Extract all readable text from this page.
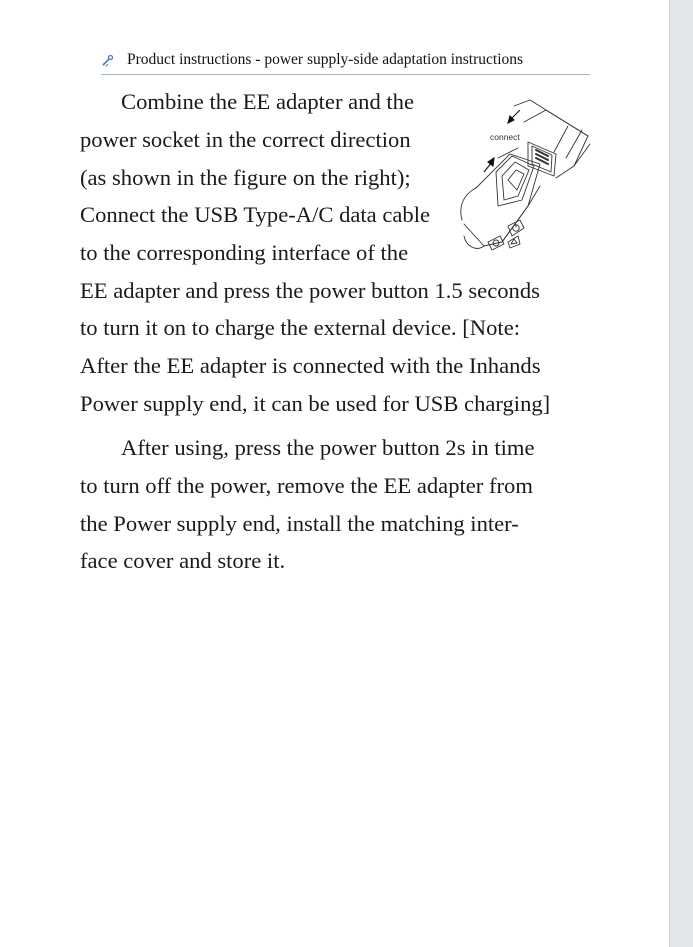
Product instructions - power supply-side adaptation instructions
Combine the EE adapter and the
power socket in the correct direction
(as shown in the figure on the right);
Connect the USB Type-A/C data cable
to the corresponding interface of the
EE adapter and press the power button 1.5 seconds
to turn it on to charge the external device. [Note:
After the EE adapter is connected with the Inhands
Power supply end, it can be used for USB charging]
After using, press the power button 2s in time
to turn off the power, remove the EE adapter from
the Power supply end, install the matching inter-
face cover and store it.
connect
